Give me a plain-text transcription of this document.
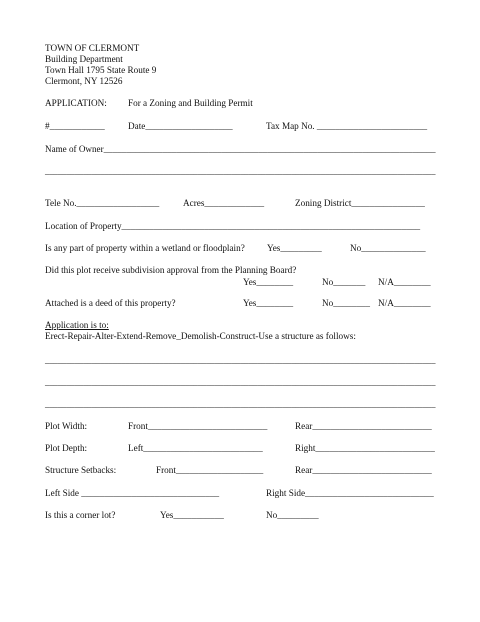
TOWN OF CLERMONT
Building Department
Town Hall 1795 State Route 9
Clermont, NY 12526
APPLICATION: For a Zoning and Building Permit
#____________	Date___________________	Tax Map No. ________________________
Name of Owner_________________________________________________________________________
____________________________________________________________________________________________
Tele No.__________________	Acres_____________	Zoning District________________
Location of Property_________________________________________________________________
Is any part of property within a wetland or floodplain? Yes_________	No______________
Did this plot receive subdivision approval from the Planning Board?
Yes________	No_______ N/A________
Attached is a deed of this property?	Yes________	No________ N/A________
Application is to:
Erect-Repair-Alter-Extend-Remove_Demolish-Construct-Use a structure as follows:
____________________________________________________________________________________________
____________________________________________________________________________________________
____________________________________________________________________________________________
Plot Width:	Front__________________________	Rear__________________________
Plot Depth:	Left__________________________	Right__________________________
Structure Setbacks:	Front___________________	Rear__________________________
Left Side ______________________________	Right Side____________________________
Is this a corner lot?	Yes___________	No_________
